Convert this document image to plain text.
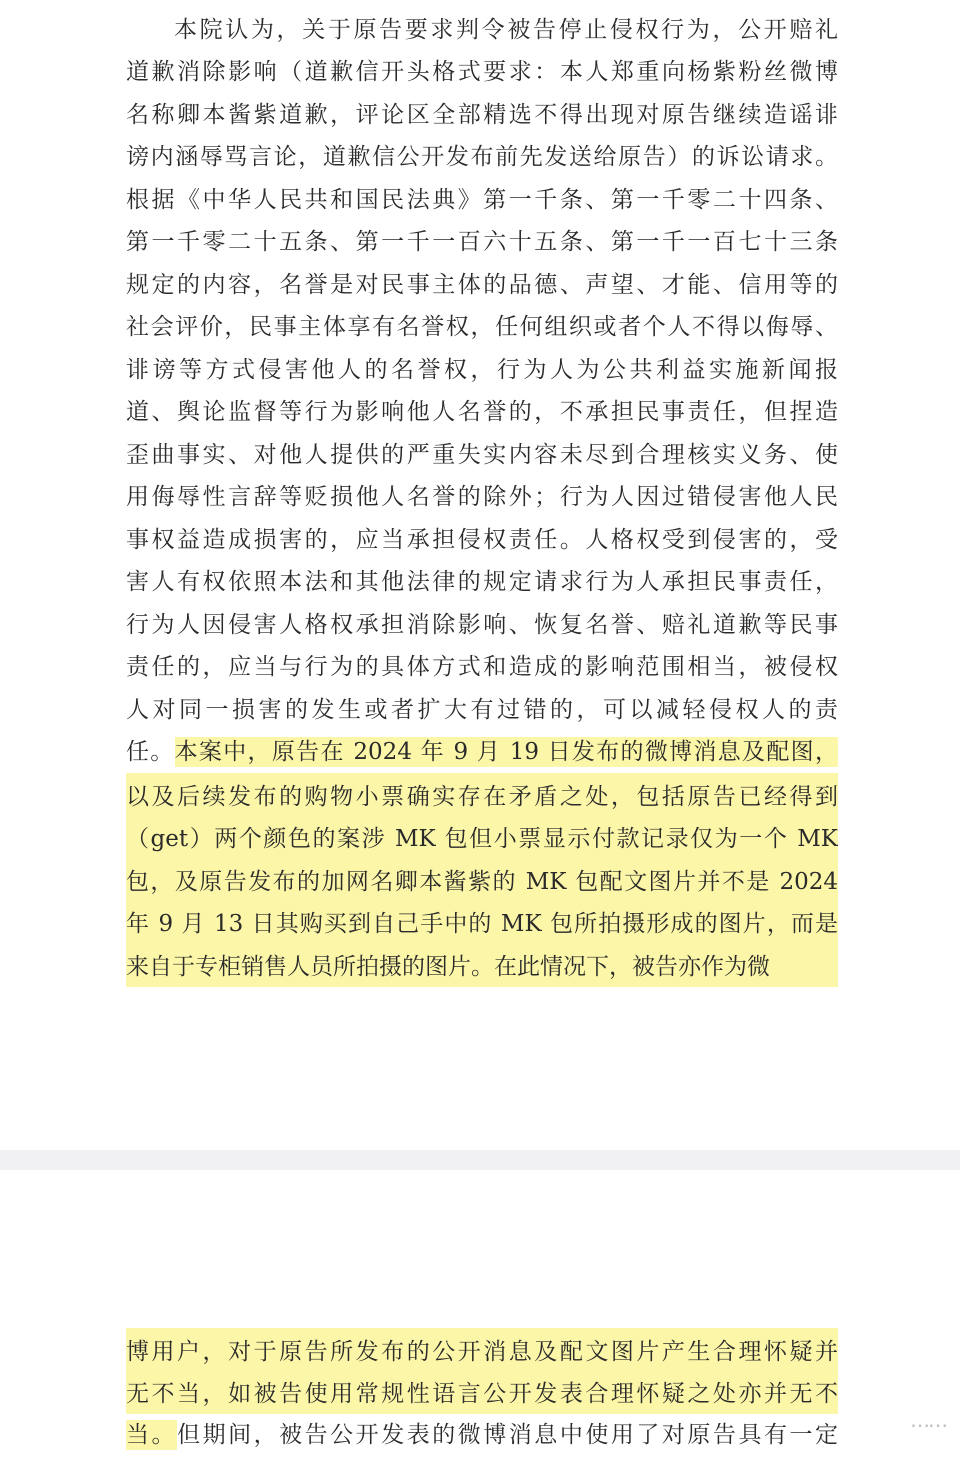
本院认为，关于原告要求判令被告停止侵权行为，公开赔礼
道歉消除影响（道歉信开头格式要求：本人郑重向杨紫粉丝微博
名称卿本酱紫道歉，评论区全部精选不得出现对原告继续造谣诽
谤内涵辱骂言论，道歉信公开发布前先发送给原告）的诉讼请求。
根据《中华人民共和国民法典》第一千条、第一千零二十四条、
第一千零二十五条、第一千一百六十五条、第一千一百七十三条
规定的内容，名誉是对民事主体的品德、声望、才能、信用等的
社会评价，民事主体享有名誉权，任何组织或者个人不得以侮辱、
诽谤等方式侵害他人的名誉权，行为人为公共利益实施新闻报
道、舆论监督等行为影响他人名誉的，不承担民事责任，但捏造
歪曲事实、对他人提供的严重失实内容未尽到合理核实义务、使
用侮辱性言辞等贬损他人名誉的除外；行为人因过错侵害他人民
事权益造成损害的，应当承担侵权责任。人格权受到侵害的，受
害人有权依照本法和其他法律的规定请求行为人承担民事责任，
行为人因侵害人格权承担消除影响、恢复名誉、赔礼道歉等民事
责任的，应当与行为的具体方式和造成的影响范围相当，被侵权
人对同一损害的发生或者扩大有过错的，可以减轻侵权人的责
任。本案中，原告在 2024 年 9 月 19 日发布的微博消息及配图，
以及后续发布的购物小票确实存在矛盾之处，包括原告已经得到
（get）两个颜色的案涉 MK 包但小票显示付款记录仅为一个 MK
包，及原告发布的加网名卿本酱紫的 MK 包配文图片并不是 2024
年 9 月 13 日其购买到自己手中的 MK 包所拍摄形成的图片，而是
来自于专柜销售人员所拍摄的图片。在此情况下，被告亦作为微
博用户，对于原告所发布的公开消息及配文图片产生合理怀疑并
无不当，如被告使用常规性语言公开发表合理怀疑之处亦并无不
当。但期间，被告公开发表的微博消息中使用了对原告具有一定	⋯⋯
